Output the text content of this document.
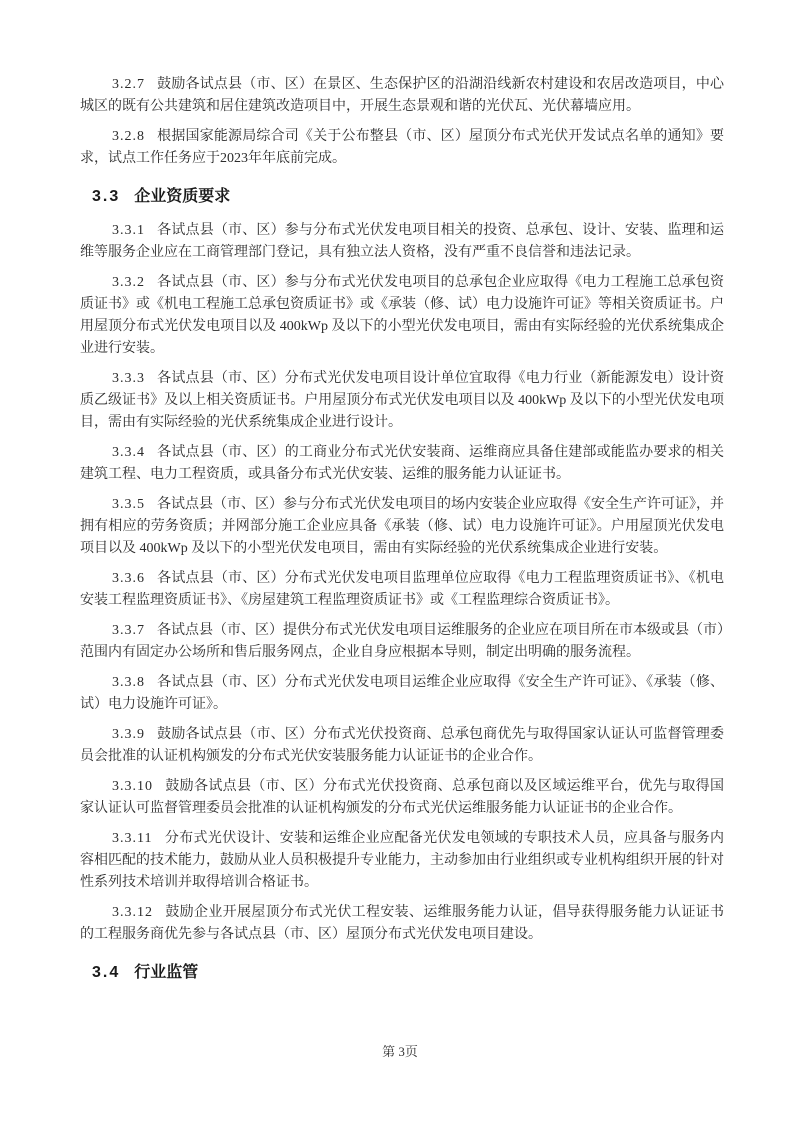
3.2.7 鼓励各试点县（市、区）在景区、生态保护区的沿湖沿线新农村建设和农居改造项目，中心城区的既有公共建筑和居住建筑改造项目中，开展生态景观和谐的光伏瓦、光伏幕墙应用。

3.2.8 根据国家能源局综合司《关于公布整县（市、区）屋顶分布式光伏开发试点名单的通知》要求，试点工作任务应于2023年年底前完成。

3.3 企业资质要求

3.3.1 各试点县（市、区）参与分布式光伏发电项目相关的投资、总承包、设计、安装、监理和运维等服务企业应在工商管理部门登记，具有独立法人资格，没有严重不良信誉和违法记录。

3.3.2 各试点县（市、区）参与分布式光伏发电项目的总承包企业应取得《电力工程施工总承包资质证书》或《机电工程施工总承包资质证书》或《承装（修、试）电力设施许可证》等相关资质证书。户用屋顶分布式光伏发电项目以及 400kWp 及以下的小型光伏发电项目，需由有实际经验的光伏系统集成企业进行安装。

3.3.3 各试点县（市、区）分布式光伏发电项目设计单位宜取得《电力行业（新能源发电）设计资质乙级证书》及以上相关资质证书。户用屋顶分布式光伏发电项目以及 400kWp 及以下的小型光伏发电项目，需由有实际经验的光伏系统集成企业进行设计。

3.3.4 各试点县（市、区）的工商业分布式光伏安装商、运维商应具备住建部或能监办要求的相关建筑工程、电力工程资质，或具备分布式光伏安装、运维的服务能力认证证书。

3.3.5 各试点县（市、区）参与分布式光伏发电项目的场内安装企业应取得《安全生产许可证》，并拥有相应的劳务资质；并网部分施工企业应具备《承装（修、试）电力设施许可证》。户用屋顶光伏发电项目以及 400kWp 及以下的小型光伏发电项目，需由有实际经验的光伏系统集成企业进行安装。

3.3.6 各试点县（市、区）分布式光伏发电项目监理单位应取得《电力工程监理资质证书》、《机电安装工程监理资质证书》、《房屋建筑工程监理资质证书》或《工程监理综合资质证书》。

3.3.7 各试点县（市、区）提供分布式光伏发电项目运维服务的企业应在项目所在市本级或县（市）范围内有固定办公场所和售后服务网点，企业自身应根据本导则，制定出明确的服务流程。

3.3.8 各试点县（市、区）分布式光伏发电项目运维企业应取得《安全生产许可证》、《承装（修、试）电力设施许可证》。

3.3.9 鼓励各试点县（市、区）分布式光伏投资商、总承包商优先与取得国家认证认可监督管理委员会批准的认证机构颁发的分布式光伏安装服务能力认证证书的企业合作。

3.3.10 鼓励各试点县（市、区）分布式光伏投资商、总承包商以及区域运维平台，优先与取得国家认证认可监督管理委员会批准的认证机构颁发的分布式光伏运维服务能力认证证书的企业合作。

3.3.11 分布式光伏设计、安装和运维企业应配备光伏发电领域的专职技术人员，应具备与服务内容相匹配的技术能力，鼓励从业人员积极提升专业能力，主动参加由行业组织或专业机构组织开展的针对性系列技术培训并取得培训合格证书。

3.3.12 鼓励企业开展屋顶分布式光伏工程安装、运维服务能力认证，倡导获得服务能力认证证书的工程服务商优先参与各试点县（市、区）屋顶分布式光伏发电项目建设。

3.4 行业监管
第 3页
